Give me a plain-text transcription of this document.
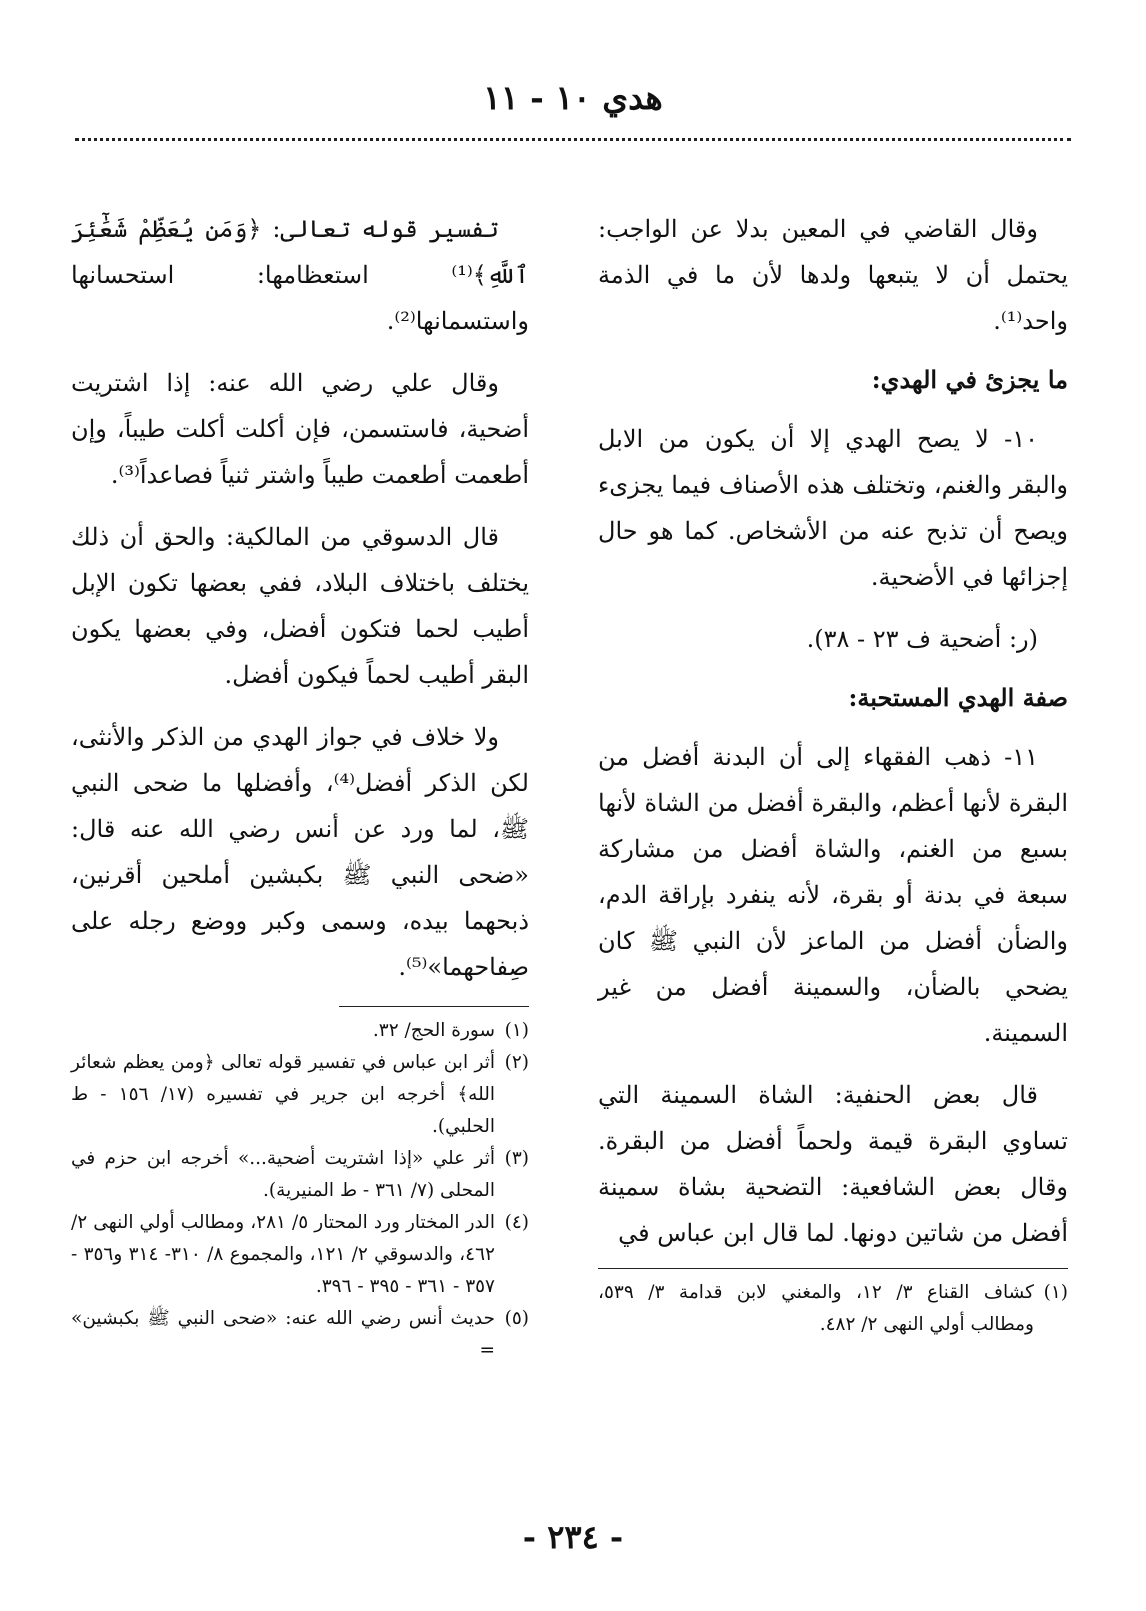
هدي ١٠ - ١١

وقال القاضي في المعين بدلا عن الواجب: يحتمل أن لا يتبعها ولدها لأن ما في الذمة واحد⁽¹⁾.

ما يجزئ في الهدي:

١٠- لا يصح الهدي إلا أن يكون من الابل والبقر والغنم، وتختلف هذه الأصناف فيما يجزىء ويصح أن تذبح عنه من الأشخاص. كما هو حال إجزائها في الأضحية.

(ر: أضحية ف ٢٣ - ٣٨).

صفة الهدي المستحبة:

١١- ذهب الفقهاء إلى أن البدنة أفضل من البقرة لأنها أعظم، والبقرة أفضل من الشاة لأنها بسبع من الغنم، والشاة أفضل من مشاركة سبعة في بدنة أو بقرة، لأنه ينفرد بإراقة الدم، والضأن أفضل من الماعز لأن النبي ﷺ كان يضحي بالضأن، والسمينة أفضل من غير السمينة.

قال بعض الحنفية: الشاة السمينة التي تساوي البقرة قيمة ولحماً أفضل من البقرة. وقال بعض الشافعية: التضحية بشاة سمينة أفضل من شاتين دونها. لما قال ابن عباس في

(١)
كشاف القناع ٣/ ١٢، والمغني لابن قدامة ٣/ ٥٣٩، ومطالب أولي النهى ٢/ ٤٨٢.

تفسير قوله تعالى: ﴿وَمَن يُعَظِّمْ شَعَٰٓئِرَ ٱللَّهِ﴾⁽¹⁾ استعظامها: استحسانها واستسمانها⁽²⁾.

وقال علي رضي الله عنه: إذا اشتريت أضحية، فاستسمن، فإن أكلت أكلت طيباً، وإن أطعمت أطعمت طيباً واشتر ثنياً فصاعداً⁽³⁾.

قال الدسوقي من المالكية: والحق أن ذلك يختلف باختلاف البلاد، ففي بعضها تكون الإبل أطيب لحما فتكون أفضل، وفي بعضها يكون البقر أطيب لحماً فيكون أفضل.

ولا خلاف في جواز الهدي من الذكر والأنثى، لكن الذكر أفضل⁽⁴⁾، وأفضلها ما ضحى النبي ﷺ، لما ورد عن أنس رضي الله عنه قال: «ضحى النبي ﷺ بكبشين أملحين أقرنين، ذبحهما بيده، وسمى وكبر ووضع رجله على صِفاحهما»⁽⁵⁾.

(١)
سورة الحج/ ٣٢.
(٢)
أثر ابن عباس في تفسير قوله تعالى ﴿ومن يعظم شعائر الله﴾ أخرجه ابن جرير في تفسيره (١٧/ ١٥٦ - ط الحلبي).
(٣)
أثر علي «إذا اشتريت أضحية...» أخرجه ابن حزم في المحلى (٧/ ٣٦١ - ط المنيرية).
(٤)
الدر المختار ورد المحتار ٥/ ٢٨١، ومطالب أولي النهى ٢/ ٤٦٢، والدسوقي ٢/ ١٢١، والمجموع ٨/ ٣١٠- ٣١٤ و٣٥٦ - ٣٥٧ - ٣٦١ - ٣٩٥ - ٣٩٦.
(٥)
حديث أنس رضي الله عنه: «ضحى النبي ﷺ بكبشين» =
- ٢٣٤ -
